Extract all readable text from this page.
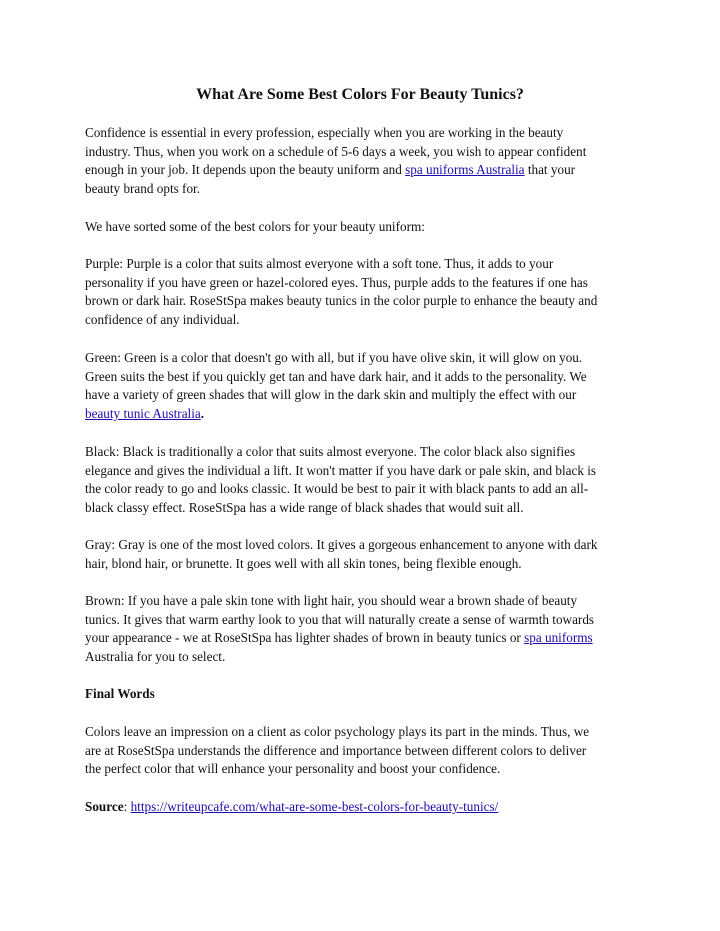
What Are Some Best Colors For Beauty Tunics?

Confidence is essential in every profession, especially when you are working in the beauty
industry. Thus, when you work on a schedule of 5-6 days a week, you wish to appear confident
enough in your job. It depends upon the beauty uniform and spa uniforms Australia that your
beauty brand opts for.

We have sorted some of the best colors for your beauty uniform:

Purple: Purple is a color that suits almost everyone with a soft tone. Thus, it adds to your
personality if you have green or hazel-colored eyes. Thus, purple adds to the features if one has
brown or dark hair. RoseStSpa makes beauty tunics in the color purple to enhance the beauty and
confidence of any individual.

Green: Green is a color that doesn't go with all, but if you have olive skin, it will glow on you.
Green suits the best if you quickly get tan and have dark hair, and it adds to the personality. We
have a variety of green shades that will glow in the dark skin and multiply the effect with our
beauty tunic Australia.

Black: Black is traditionally a color that suits almost everyone. The color black also signifies
elegance and gives the individual a lift. It won't matter if you have dark or pale skin, and black is
the color ready to go and looks classic. It would be best to pair it with black pants to add an all-
black classy effect. RoseStSpa has a wide range of black shades that would suit all.

Gray: Gray is one of the most loved colors. It gives a gorgeous enhancement to anyone with dark
hair, blond hair, or brunette. It goes well with all skin tones, being flexible enough.

Brown: If you have a pale skin tone with light hair, you should wear a brown shade of beauty
tunics. It gives that warm earthy look to you that will naturally create a sense of warmth towards
your appearance - we at RoseStSpa has lighter shades of brown in beauty tunics or spa uniforms
Australia for you to select.

Final Words

Colors leave an impression on a client as color psychology plays its part in the minds. Thus, we
are at RoseStSpa understands the difference and importance between different colors to deliver
the perfect color that will enhance your personality and boost your confidence.

Source: https://writeupcafe.com/what-are-some-best-colors-for-beauty-tunics/
